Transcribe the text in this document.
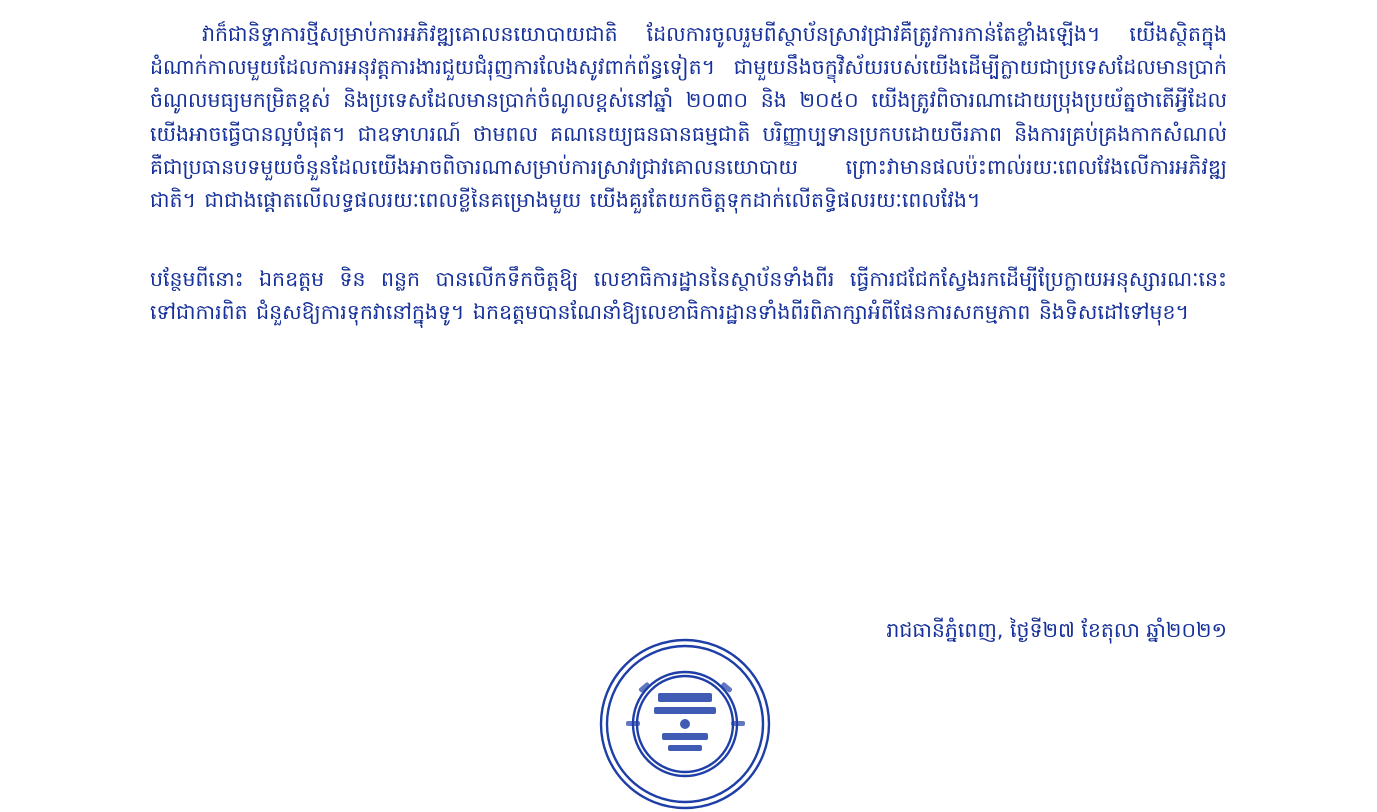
វាក៏ជានិទ្ទាការថ្មីសម្រាប់ការអភិវឌ្ឍគោលនយោបាយជាតិ ដែលការចូលរួមពីស្ថាប័នស្រាវជ្រាវគឺត្រូវការកាន់តែខ្លាំងឡើង។ យើងស្ថិតក្នុងដំណាក់កាលមួយដែលការអនុវត្តការងារជួយជំរុញការលែងសូវពាក់ព័ន្ធទៀត។ ជាមួយនឹងចក្ខុវិស័យរបស់យើងដើម្បីក្លាយជាប្រទេសដែលមានប្រាក់ចំណូលមធ្យមកម្រិតខ្ពស់ និងប្រទេសដែលមានប្រាក់ចំណូលខ្ពស់នៅឆ្នាំ ២០៣០ និង ២០៥០ យើងត្រូវពិចារណាដោយប្រុងប្រយ័ត្នថាតើអ្វីដែលយើងអាចធ្វើបានល្អបំផុត។ ជាឧទាហរណ៍ ថាមពល គណនេយ្យធនធានធម្មជាតិ បរិញ្ញាប្បទានប្រកបដោយចីរភាព និងការគ្រប់គ្រងកាកសំណល់ គឺជាប្រធានបទមួយចំនួនដែលយើងអាចពិចារណាសម្រាប់ការស្រាវជ្រាវគោលនយោបាយ ព្រោះវាមានផលប៉ះពាល់រយៈពេលវែងលើការអភិវឌ្ឍជាតិ។ ជាជាងផ្តោតលើលទ្ធផលរយៈពេលខ្លីនៃគម្រោងមួយ យើងគួរតែយកចិត្តទុកដាក់លើតទ្ធិផលរយៈពេលវែង។

បន្ថែមពីនោះ ឯកឧត្តម ទិន ពន្លក បានលើកទឹកចិត្តឱ្យ លេខាធិការដ្ឋាននៃស្ថាប័នទាំងពីរ ធ្វើការជជែកស្វែងរកដើម្បីប្រែក្លាយអនុស្សារណៈនេះទៅជាការពិត ជំនួសឱ្យការទុកវានៅក្នុងទូ។ ឯកឧត្តមបានណែនាំឱ្យលេខាធិការដ្ឋានទាំងពីរពិភាក្សាអំពីផែនការសកម្មភាព និងទិសដៅទៅមុខ។

រាជធានីភ្នំពេញ, ថ្ងៃទី២៧ ខែតុលា ឆ្នាំ២០២១
